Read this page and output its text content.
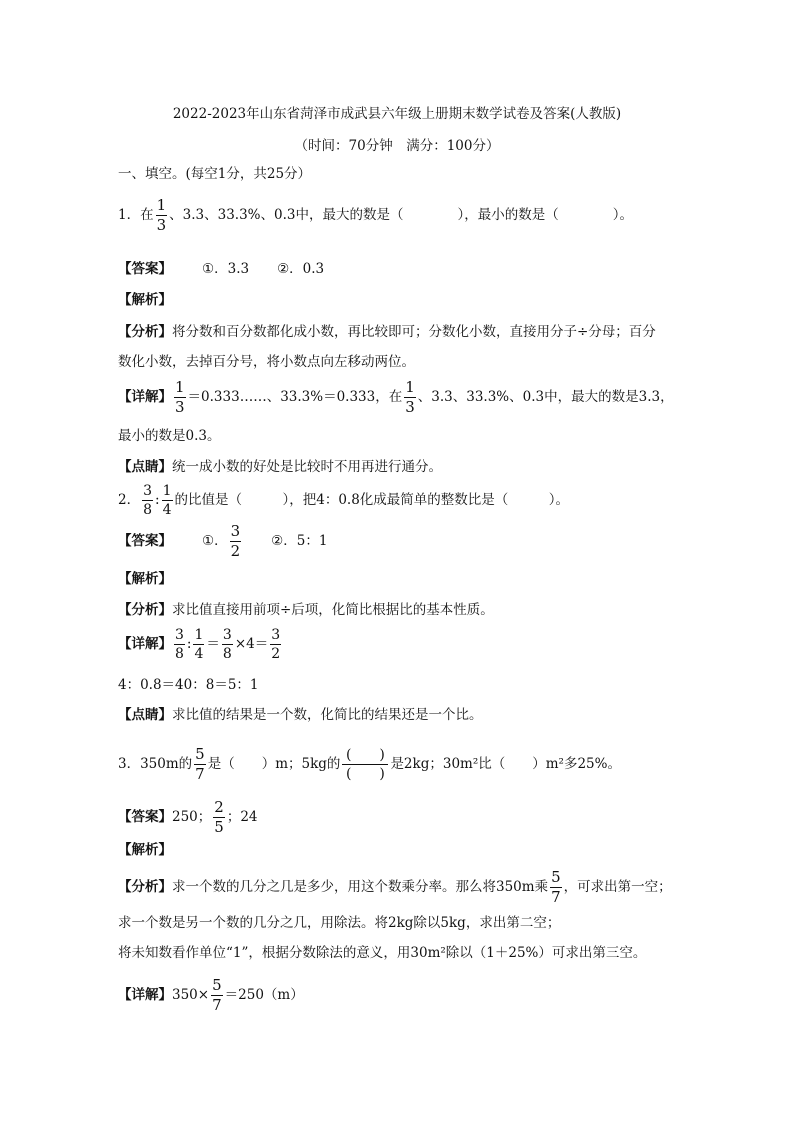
2022-2023年山东省菏泽市成武县六年级上册期末数学试卷及答案(人教版)
（时间：70分钟　满分：100分）
一、填空。(每空1分，共25分）
1．在 $\frac{1}{3}$ 、3.3、33.3%、0.3中，最大的数是（　　　　），最小的数是（　　　　）。
【答案】 ①．3.3 ②．0.3
【解析】
【分析】将分数和百分数都化成小数，再比较即可；分数化小数，直接用分子÷分母；百分
数化小数，去掉百分号，将小数点向左移动两位。
【详解】 $\frac{1}{3}$ ＝0.333……、33.3%＝0.333，在 $\frac{1}{3}$ 、3.3、33.3%、0.3中，最大的数是3.3，
最小的数是0.3。
【点睛】统一成小数的好处是比较时不用再进行通分。
2． $\frac{3}{8}$ : $\frac{1}{4}$ 的比值是（　　　），把4：0.8化成最简单的整数比是（　　　）。
【答案】 ①． $\frac{3}{2}$ ②．5：1
【解析】
【分析】求比值直接用前项÷后项，化简比根据比的基本性质。
【详解】 $\frac{3}{8}$ : $\frac{1}{4} = \frac{3}{8} \times 4= \frac{3}{2}$
4：0.8＝40：8＝5：1
【点睛】求比值的结果是一个数，化简比的结果还是一个比。
3．350m的 $\frac{5}{7}$ 是（　　）m；5kg的
(　　)
(　　)
是2kg；30m²比（　　）m²多25%。
【答案】250； $\frac{2}{5}$ ；24
【解析】
【分析】求一个数的几分之几是多少，用这个数乘分率。那么将350m乘 $\frac{5}{7}$ ，可求出第一空；
求一个数是另一个数的几分之几，用除法。将2kg除以5kg，求出第二空；
将未知数看作单位“1”，根据分数除法的意义，用30m²除以（1＋25%）可求出第三空。
【详解】$350\times \frac{5}{7} =250(m)$
